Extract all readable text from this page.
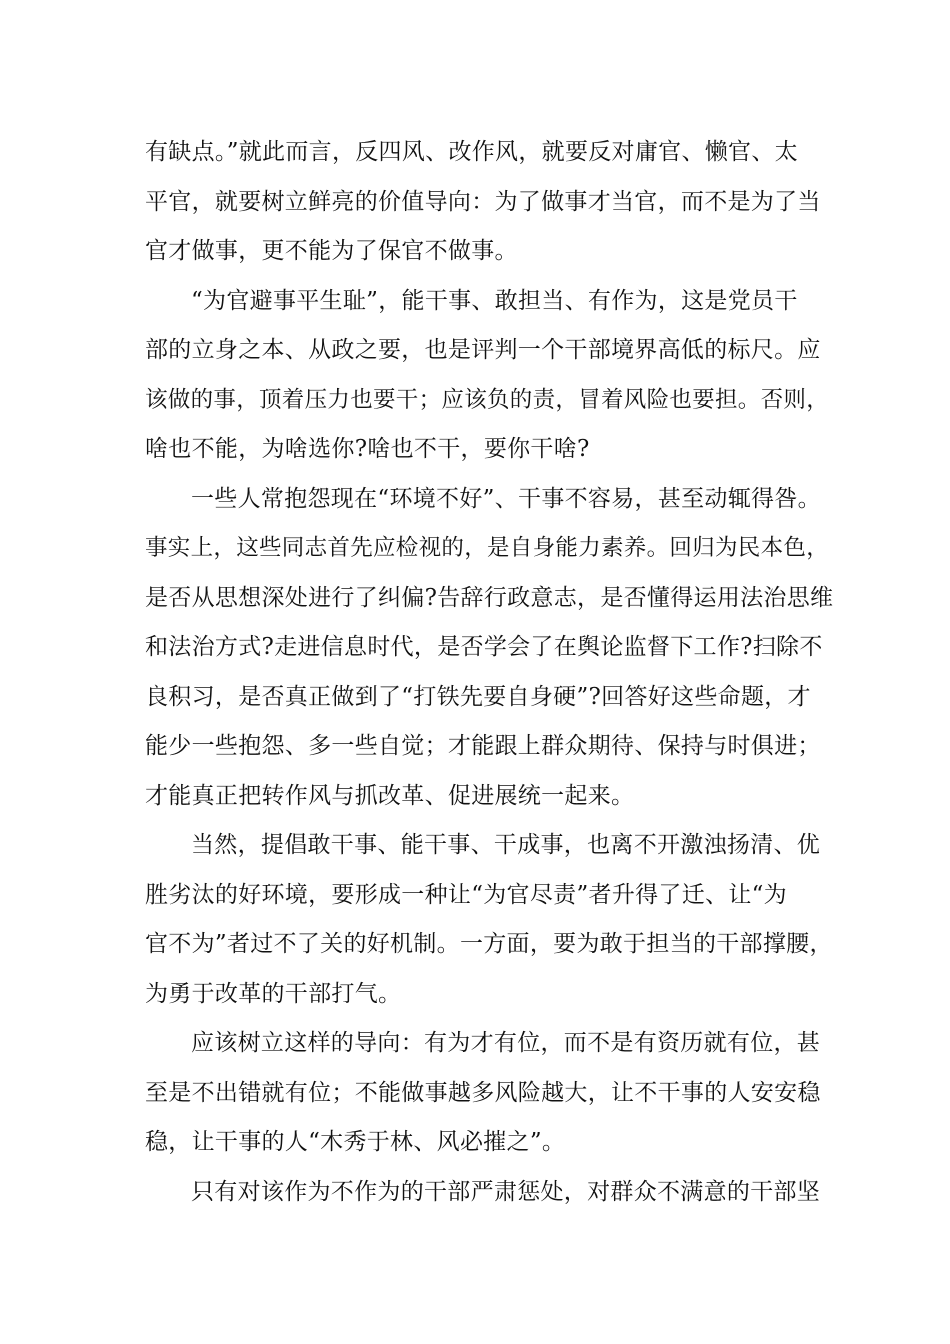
有缺点。”就此而言，反四风、改作风，就要反对庸官、懒官、太
平官，就要树立鲜亮的价值导向：为了做事才当官，而不是为了当
官才做事，更不能为了保官不做事。
“为官避事平生耻”，能干事、敢担当、有作为，这是党员干
部的立身之本、从政之要，也是评判一个干部境界高低的标尺。应
该做的事，顶着压力也要干；应该负的责，冒着风险也要担。否则，
啥也不能，为啥选你?啥也不干，要你干啥?
一些人常抱怨现在“环境不好”、干事不容易，甚至动辄得咎。
事实上，这些同志首先应检视的，是自身能力素养。回归为民本色，
是否从思想深处进行了纠偏?告辞行政意志，是否懂得运用法治思维
和法治方式?走进信息时代，是否学会了在舆论监督下工作?扫除不
良积习，是否真正做到了“打铁先要自身硬”?回答好这些命题，才
能少一些抱怨、多一些自觉；才能跟上群众期待、保持与时俱进；
才能真正把转作风与抓改革、促进展统一起来。
当然，提倡敢干事、能干事、干成事，也离不开激浊扬清、优
胜劣汰的好环境，要形成一种让“为官尽责”者升得了迁、让“为
官不为”者过不了关的好机制。一方面，要为敢于担当的干部撑腰，
为勇于改革的干部打气。
应该树立这样的导向：有为才有位，而不是有资历就有位，甚
至是不出错就有位；不能做事越多风险越大，让不干事的人安安稳
稳，让干事的人“木秀于林、风必摧之”。
只有对该作为不作为的干部严肃惩处，对群众不满意的干部坚
